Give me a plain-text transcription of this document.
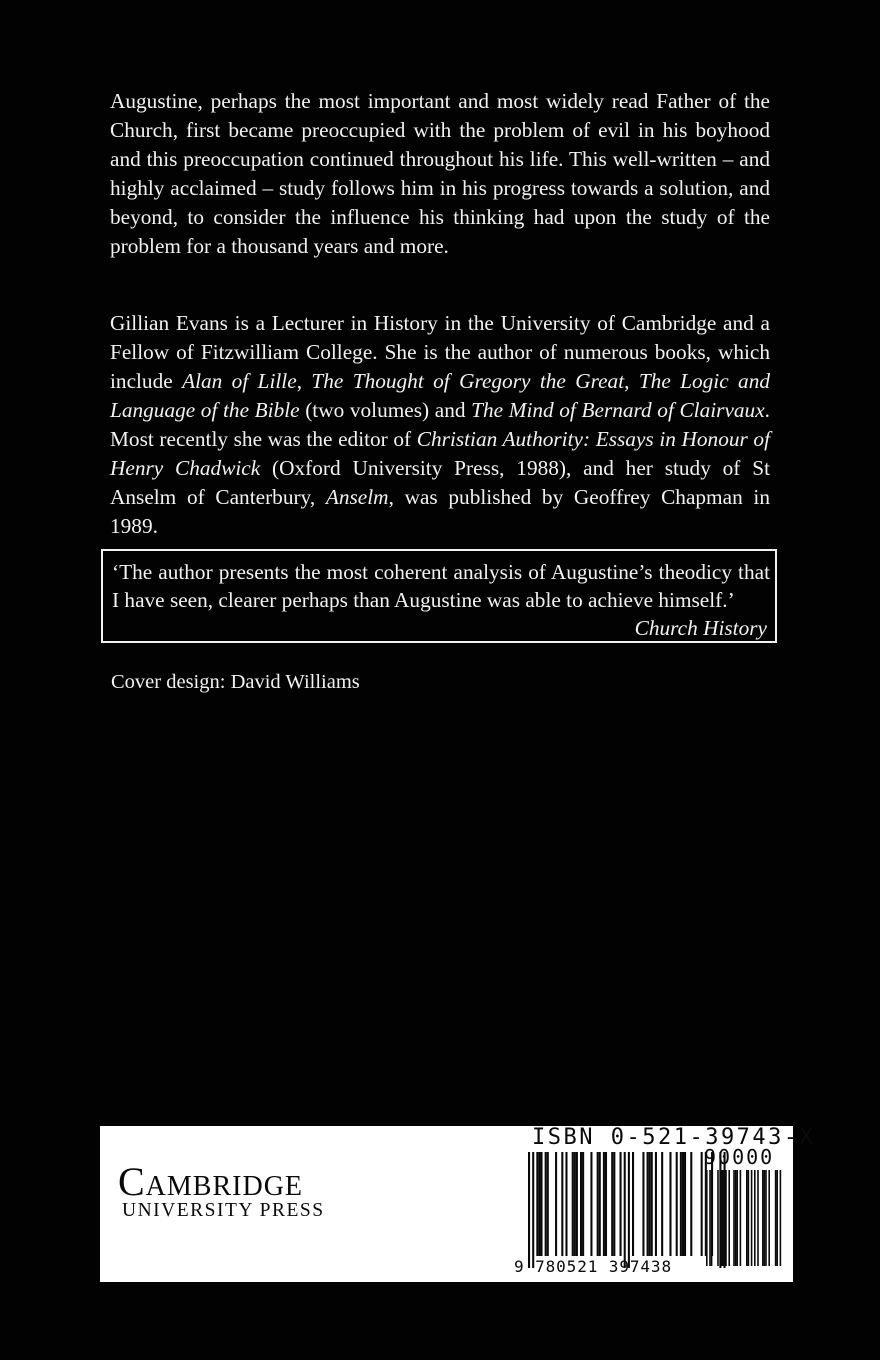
Augustine, perhaps the most important and most widely read Father of the Church, first became preoccupied with the problem of evil in his boyhood and this preoccupation continued throughout his life. This well-written – and highly acclaimed – study follows him in his progress towards a solution, and beyond, to consider the influence his thinking had upon the study of the problem for a thousand years and more.

Gillian Evans is a Lecturer in History in the University of Cambridge and a Fellow of Fitzwilliam College. She is the author of numerous books, which include Alan of Lille, The Thought of Gregory the Great, The Logic and Language of the Bible (two volumes) and The Mind of Bernard of Clairvaux. Most recently she was the editor of Christian Authority: Essays in Honour of Henry Chadwick (Oxford University Press, 1988), and her study of St Anselm of Canterbury, Anselm, was published by Geoffrey Chapman in 1989.

‘The author presents the most coherent analysis of Augustine’s theodicy that I have seen, clearer perhaps than Augustine was able to achieve himself.’

Church History
Cover design: David Williams
Cambridge
UNIVERSITY PRESS
ISBN 0-521-39743-X
90000
9 780521 397438
